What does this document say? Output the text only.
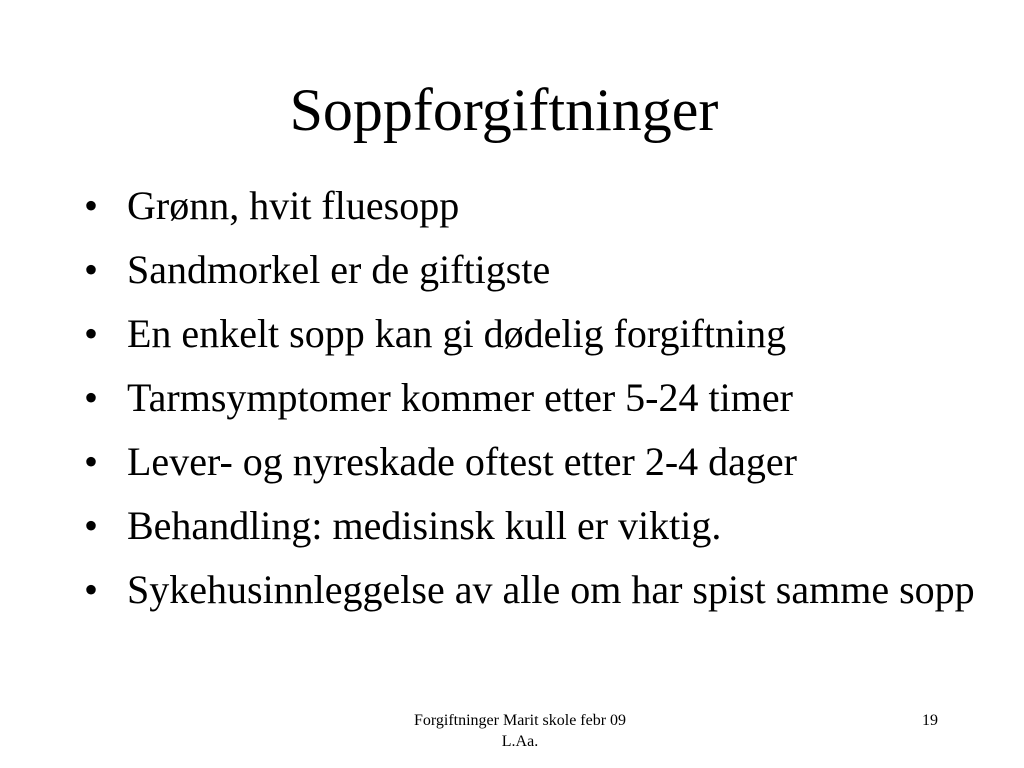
Soppforgiftninger
• Grønn, hvit fluesopp
• Sandmorkel er de giftigste
• En enkelt sopp kan gi dødelig forgiftning
• Tarmsymptomer kommer etter 5-24 timer
• Lever- og nyreskade oftest etter 2-4 dager
• Behandling: medisinsk kull er viktig.
• Sykehusinnleggelse av alle om har spist samme sopp
Forgiftninger Marit skole febr 09
L.Aa.
19
